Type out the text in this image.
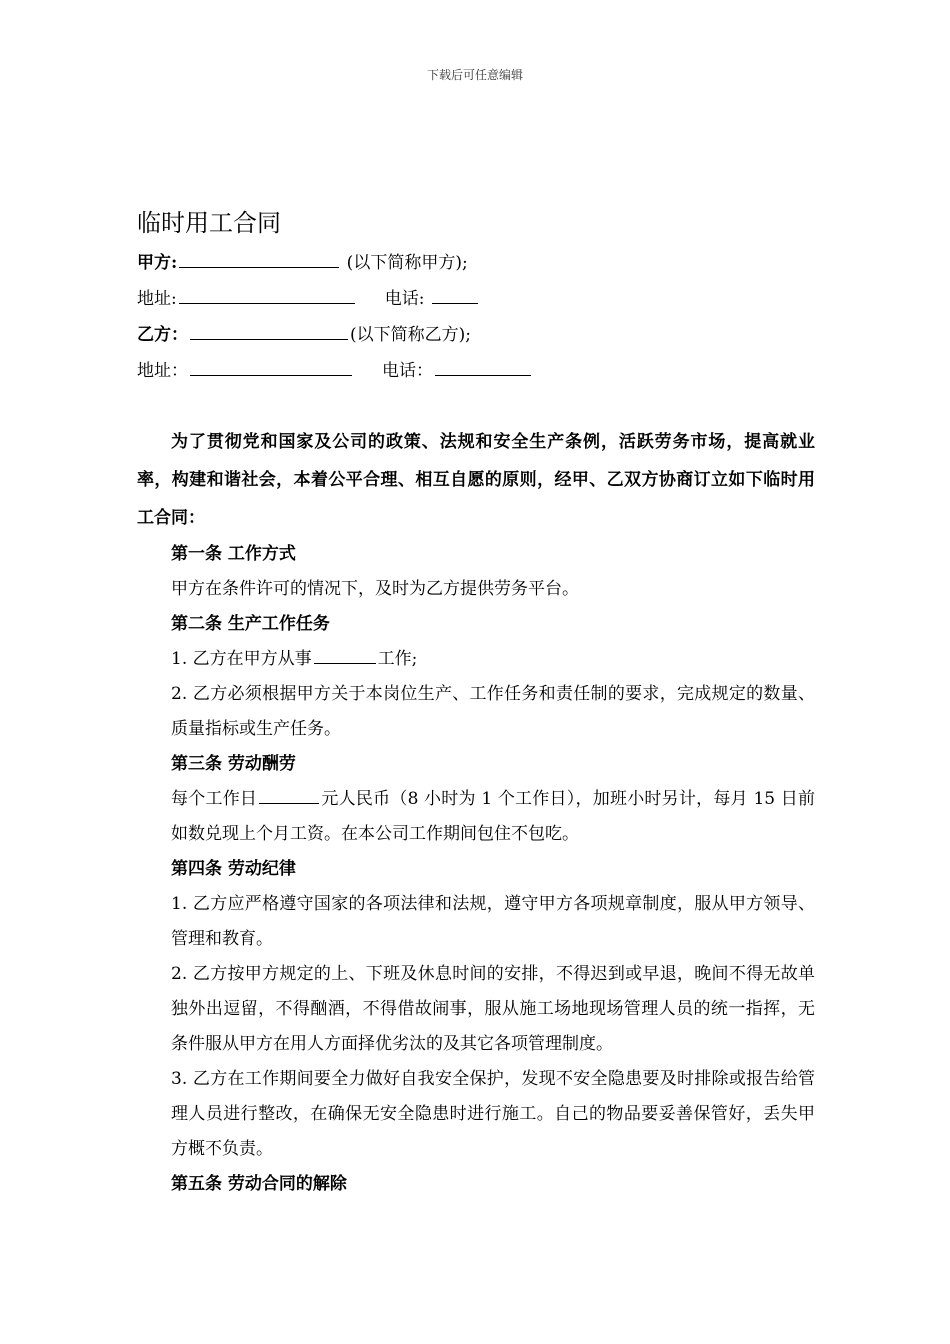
下载后可任意编辑
临时用工合同
甲方:	(以下简称甲方);
地址:	电话:
乙方：	(以下简称乙方);
地址：	电话：
为了贯彻党和国家及公司的政策、法规和安全生产条例，活跃劳务市场，提高就业率，构建和谐社会，本着公平合理、相互自愿的原则，经甲、乙双方协商订立如下临时用工合同：
第一条 工作方式
甲方在条件许可的情况下，及时为乙方提供劳务平台。
第二条 生产工作任务
1. 乙方在甲方从事	工作;
2. 乙方必须根据甲方关于本岗位生产、工作任务和责任制的要求，完成规定的数量、质量指标或生产任务。
第三条 劳动酬劳
每个工作日	元人民币（8 小时为 1 个工作日），加班小时另计，每月 15 日前如数兑现上个月工资。在本公司工作期间包住不包吃。
第四条 劳动纪律
1. 乙方应严格遵守国家的各项法律和法规，遵守甲方各项规章制度，服从甲方领导、管理和教育。
2. 乙方按甲方规定的上、下班及休息时间的安排，不得迟到或早退，晚间不得无故单独外出逗留，不得酗酒，不得借故闹事，服从施工场地现场管理人员的统一指挥，无条件服从甲方在用人方面择优劣汰的及其它各项管理制度。
3. 乙方在工作期间要全力做好自我安全保护，发现不安全隐患要及时排除或报告给管理人员进行整改，在确保无安全隐患时进行施工。自己的物品要妥善保管好，丢失甲方概不负责。
第五条 劳动合同的解除
